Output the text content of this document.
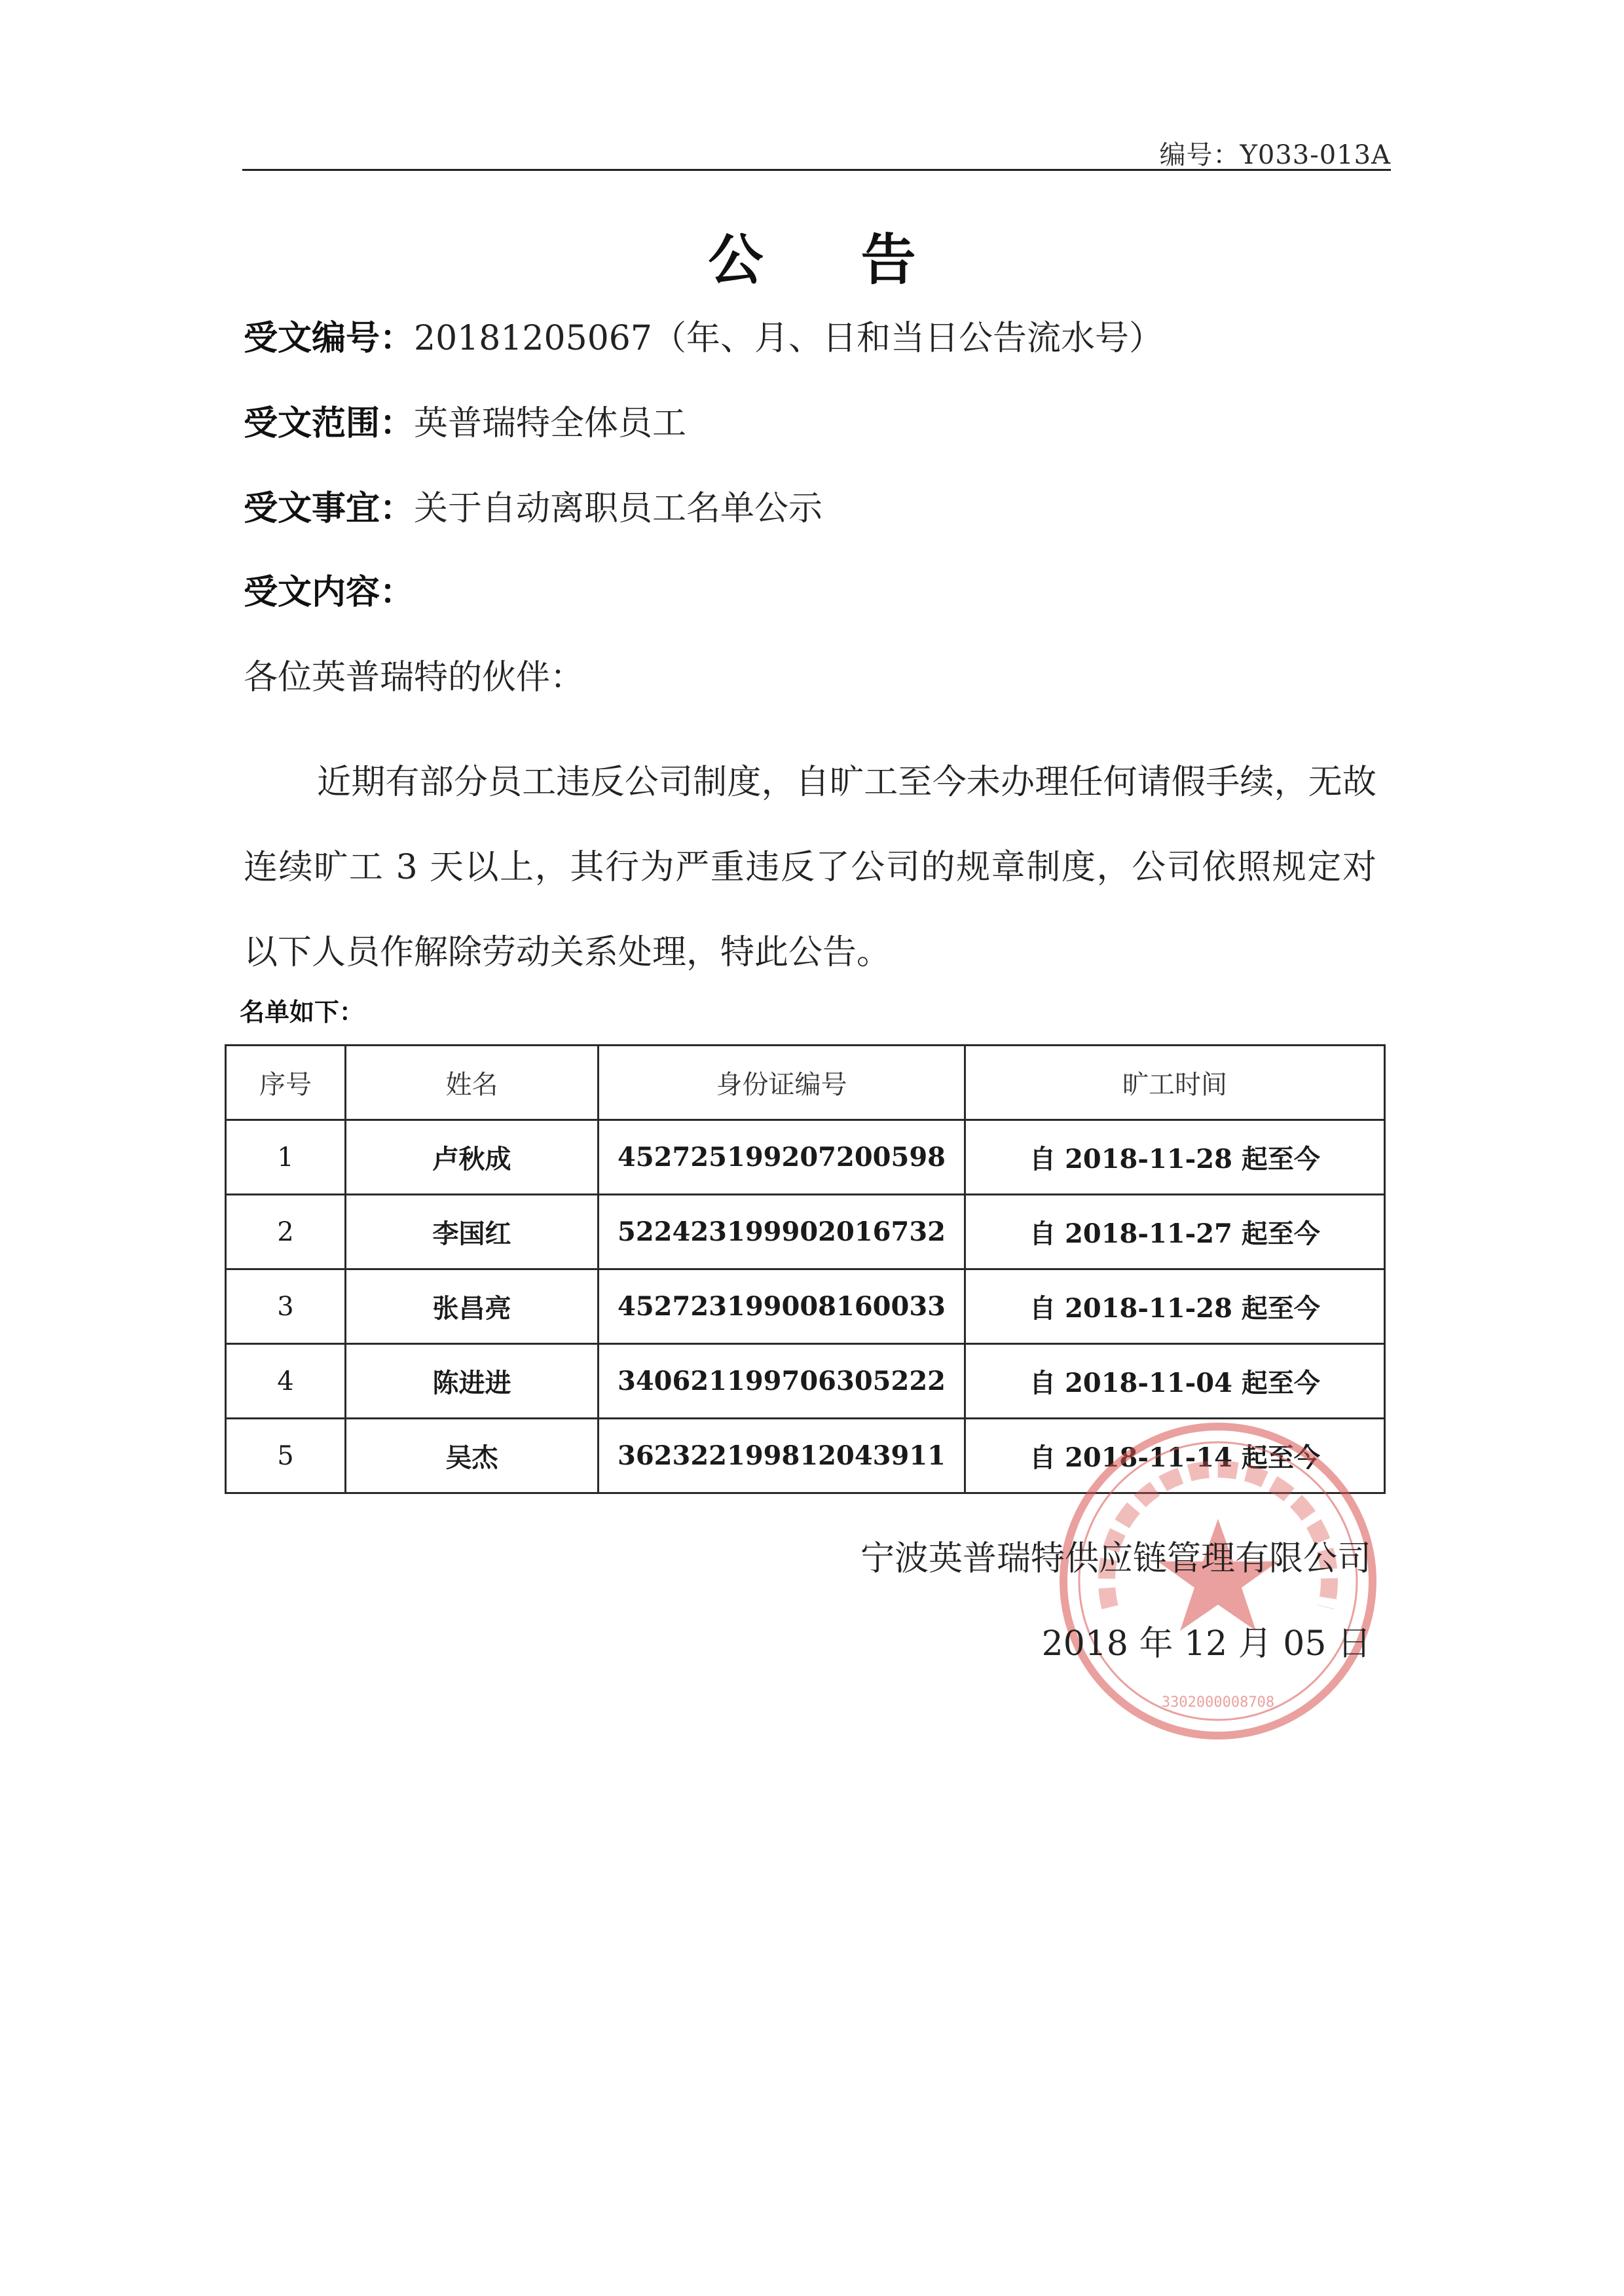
编号：Y033-013A
公 告
受文编号：20181205067（年、月、日和当日公告流水号）
受文范围：英普瑞特全体员工
受文事宜：关于自动离职员工名单公示
受文内容：
各位英普瑞特的伙伴：
近期有部分员工违反公司制度，自旷工至今未办理任何请假手续，无故连续旷工 3 天以上，其行为严重违反了公司的规章制度，公司依照规定对以下人员作解除劳动关系处理，特此公告。
名单如下：
序号	姓名	身份证编号	旷工时间
1	卢秋成	452725199207200598	自 2018-11-28 起至今
2	李国红	522423199902016732	自 2018-11-27 起至今
3	张昌亮	452723199008160033	自 2018-11-28 起至今
4	陈进进	340621199706305222	自 2018-11-04 起至今
5	吴杰	362322199812043911	自 2018-11-14 起至今
3302000008708
宁波英普瑞特供应链管理有限公司
2018 年 12 月 05 日
